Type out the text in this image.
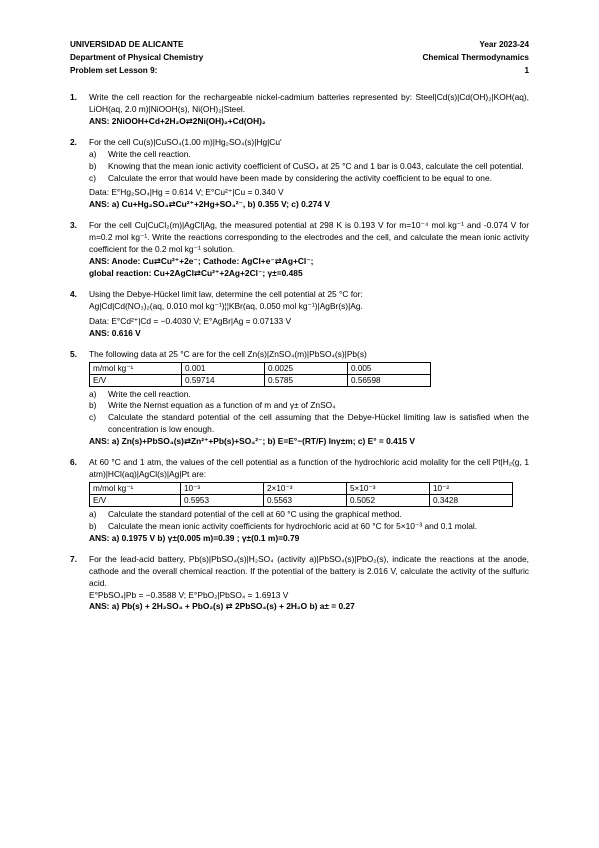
UNIVERSIDAD DE ALICANTE	Year 2023-24
Department of Physical Chemistry	Chemical Thermodynamics
Problem set Lesson 9:	1
1.	Write the cell reaction for the rechargeable nickel-cadmium batteries represented by: Steel|Cd(s)|Cd(OH)₂|KOH(aq), LiOH(aq, 2.0 m)|NiOOH(s), Ni(OH)₂|Steel.
ANS: 2NiOOH+Cd+2H₂O⇄2Ni(OH)₂+Cd(OH)₂
2.	For the cell Cu(s)|CuSO₄(1.00 m)|Hg₂SO₄(s)|Hg|Cu'
a)	Write the cell reaction.
b)	Knowing that the mean ionic activity coefficient of CuSO₄ at 25 °C and 1 bar is 0.043, calculate the cell potential.
c)	Calculate the error that would have been made by considering the activity coefficient to be equal to one.
Data: E°Hg₂SO₄|Hg = 0.614 V; E°Cu²⁺|Cu = 0.340 V
ANS: a) Cu+Hg₂SO₄⇄Cu²⁺+2Hg+SO₄²⁻, b) 0.355 V; c) 0.274 V
3.	For the cell Cu|CuCl₂(m)|AgCl|Ag, the measured potential at 298 K is 0.193 V for m=10⁻⁴ mol kg⁻¹ and -0.074 V for m=0.2 mol kg⁻¹. Write the reactions corresponding to the electrodes and the cell, and calculate the mean ionic activity coefficient for the 0.2 mol kg⁻¹ solution.
ANS: Anode: Cu⇄Cu²⁺+2e⁻; Cathode: AgCl+e⁻⇄Ag+Cl⁻;
global reaction: Cu+2AgCl⇄Cu²⁺+2Ag+2Cl⁻; γ±=0.485
4.	Using the Debye-Hückel limit law, determine the cell potential at 25 °C for:
Ag|Cd|Cd(NO₃)₂(aq, 0.010 mol kg⁻¹)¦¦KBr(aq, 0.050 mol kg⁻¹)|AgBr(s)|Ag.
Data: E°Cd²⁺|Cd = −0.4030 V; E°AgBr|Ag = 0.07133 V
ANS: 0.616 V
5.	The following data at 25 °C are for the cell Zn(s)|ZnSO₄(m)|PbSO₄(s)|Pb(s)
m/mol kg⁻¹	0.001	0.0025	0.005
E/V	0.59714	0.5785	0.56598
a)	Write the cell reaction.
b)	Write the Nernst equation as a function of m and γ± of ZnSO₄
c)	Calculate the standard potential of the cell assuming that the Debye-Hückel limiting law is satisfied when the concentration is low enough.
ANS: a) Zn(s)+PbSO₄(s)⇄Zn²⁺+Pb(s)+SO₄²⁻; b) E=E°−(RT/F) lnγ±m; c) E° = 0.415 V
6.	At 60 °C and 1 atm, the values of the cell potential as a function of the hydrochloric acid molality for the cell Pt|H₂(g, 1 atm)|HCl(aq)|AgCl(s)|Ag|Pt are:
m/mol kg⁻¹	10⁻³	2×10⁻³	5×10⁻³	10⁻²
E/V	0.5953	0.5563	0.5052	0.3428
a)	Calculate the standard potential of the cell at 60 °C using the graphical method.
b)	Calculate the mean ionic activity coefficients for hydrochloric acid at 60 °C for 5×10⁻³ and 0.1 molal.
ANS: a) 0.1975 V b) γ±(0.005 m)=0.39 ; γ±(0.1 m)=0.79
7.	For the lead-acid battery, Pb(s)|PbSO₄(s)|H₂SO₄ (activity a)|PbSO₄(s)|PbO₂(s), indicate the reactions at the anode, cathode and the overall chemical reaction. If the potential of the battery is 2.016 V, calculate the activity of the sulfuric acid.
E°PbSO₄|Pb = −0.3588 V; E°PbO₂|PbSO₄ = 1.6913 V
ANS: a) Pb(s) + 2H₂SO₄ + PbO₂(s) ⇄ 2PbSO₄(s) + 2H₂O b) a± = 0.27
